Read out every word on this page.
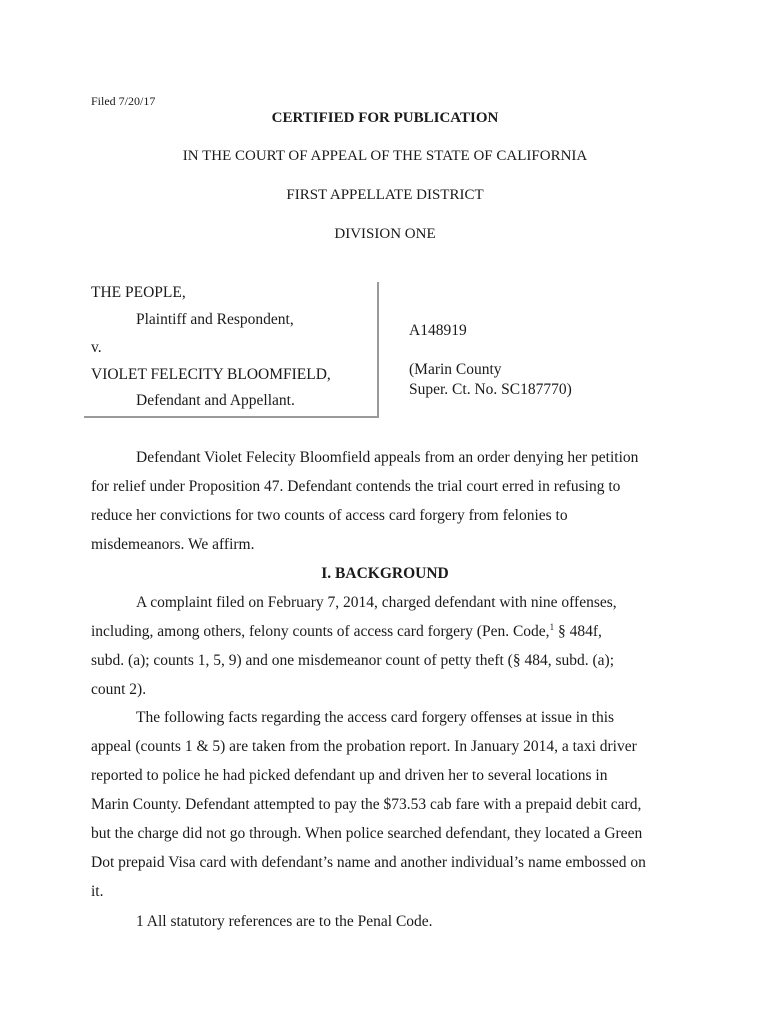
Filed 7/20/17
CERTIFIED FOR PUBLICATION
IN THE COURT OF APPEAL OF THE STATE OF CALIFORNIA
FIRST APPELLATE DISTRICT
DIVISION ONE
THE PEOPLE,
Plaintiff and Respondent,
v.
VIOLET FELECITY BLOOMFIELD,
Defendant and Appellant.
A148919
(Marin County
Super. Ct. No. SC187770)
Defendant Violet Felecity Bloomfield appeals from an order denying her petition
for relief under Proposition 47. Defendant contends the trial court erred in refusing to
reduce her convictions for two counts of access card forgery from felonies to
misdemeanors. We affirm.
I. BACKGROUND
A complaint filed on February 7, 2014, charged defendant with nine offenses,
including, among others, felony counts of access card forgery (Pen. Code,$^1$ § 484f,
subd. (a); counts 1, 5, 9) and one misdemeanor count of petty theft (§ 484, subd. (a);
count 2).
The following facts regarding the access card forgery offenses at issue in this
appeal (counts 1 & 5) are taken from the probation report. In January 2014, a taxi driver
reported to police he had picked defendant up and driven her to several locations in
Marin County. Defendant attempted to pay the $73.53 cab fare with a prepaid debit card,
but the charge did not go through. When police searched defendant, they located a Green
Dot prepaid Visa card with defendant’s name and another individual’s name embossed on
it.
1 All statutory references are to the Penal Code.
